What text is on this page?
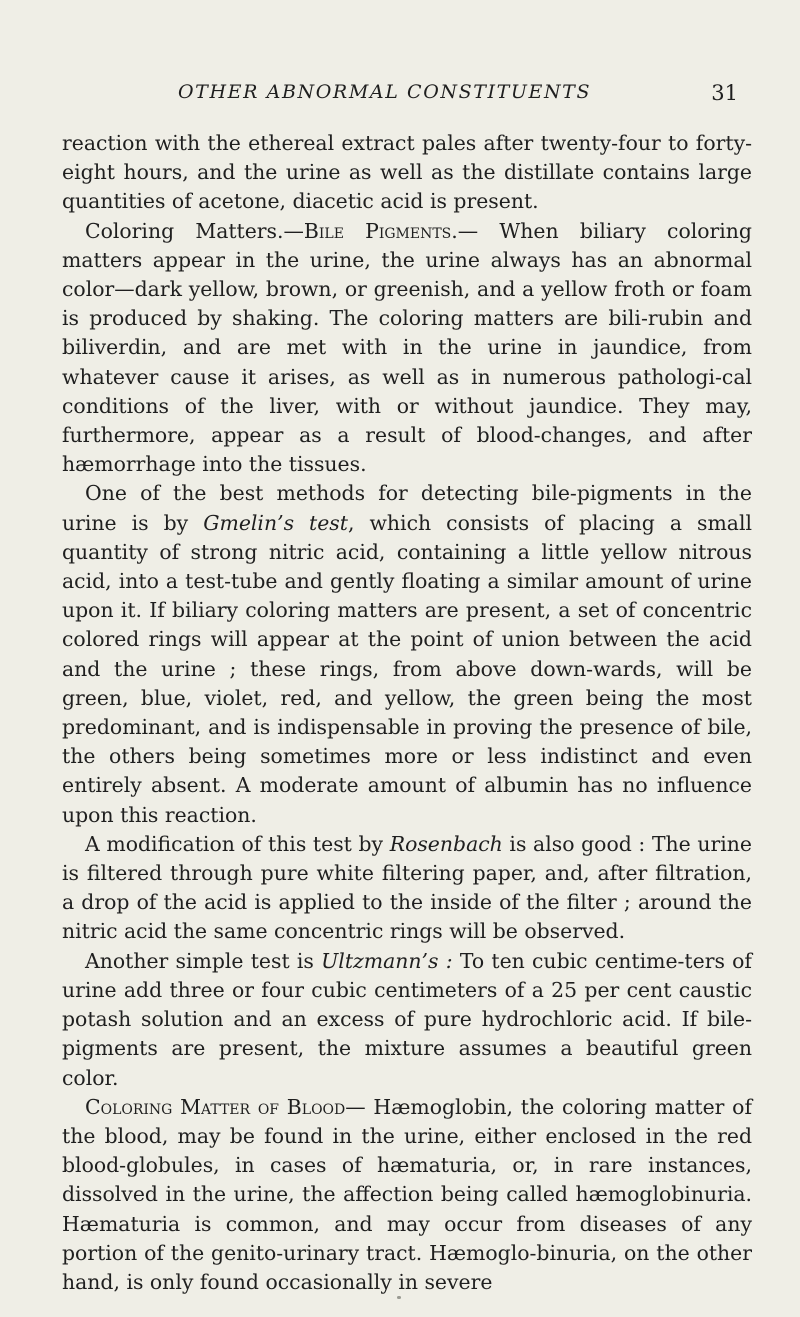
OTHER ABNORMAL CONSTITUENTS	31

reaction with the ethereal extract pales after twenty-four to forty-eight hours, and the urine as well as the distillate contains large quantities of acetone, diacetic acid is present.

Coloring Matters.—Bile Pigments.— When biliary coloring matters appear in the urine, the urine always has an abnormal color—dark yellow, brown, or greenish, and a yellow froth or foam is produced by shaking. The coloring matters are bili-rubin and biliverdin, and are met with in the urine in jaundice, from whatever cause it arises, as well as in numerous pathologi-cal conditions of the liver, with or without jaundice. They may, furthermore, appear as a result of blood-changes, and after hæmorrhage into the tissues.

One of the best methods for detecting bile-pigments in the urine is by Gmelin’s test, which consists of placing a small quantity of strong nitric acid, containing a little yellow nitrous acid, into a test-tube and gently floating a similar amount of urine upon it. If biliary coloring matters are present, a set of concentric colored rings will appear at the point of union between the acid and the urine ; these rings, from above down-wards, will be green, blue, violet, red, and yellow, the green being the most predominant, and is indispensable in proving the presence of bile, the others being sometimes more or less indistinct and even entirely absent. A moderate amount of albumin has no influence upon this reaction.

A modification of this test by Rosenbach is also good : The urine is filtered through pure white filtering paper, and, after filtration, a drop of the acid is applied to the inside of the filter ; around the nitric acid the same concentric rings will be observed.

Another simple test is Ultzmann’s : To ten cubic centime-ters of urine add three or four cubic centimeters of a 25 per cent caustic potash solution and an excess of pure hydrochloric acid. If bile-pigments are present, the mixture assumes a beautiful green color.

Coloring Matter of Blood— Hæmoglobin, the coloring matter of the blood, may be found in the urine, either enclosed in the red blood-globules, in cases of hæmaturia, or, in rare instances, dissolved in the urine, the affection being called hæmoglobinuria. Hæmaturia is common, and may occur from diseases of any portion of the genito-urinary tract. Hæmoglo-binuria, on the other hand, is only found occasionally in severe
